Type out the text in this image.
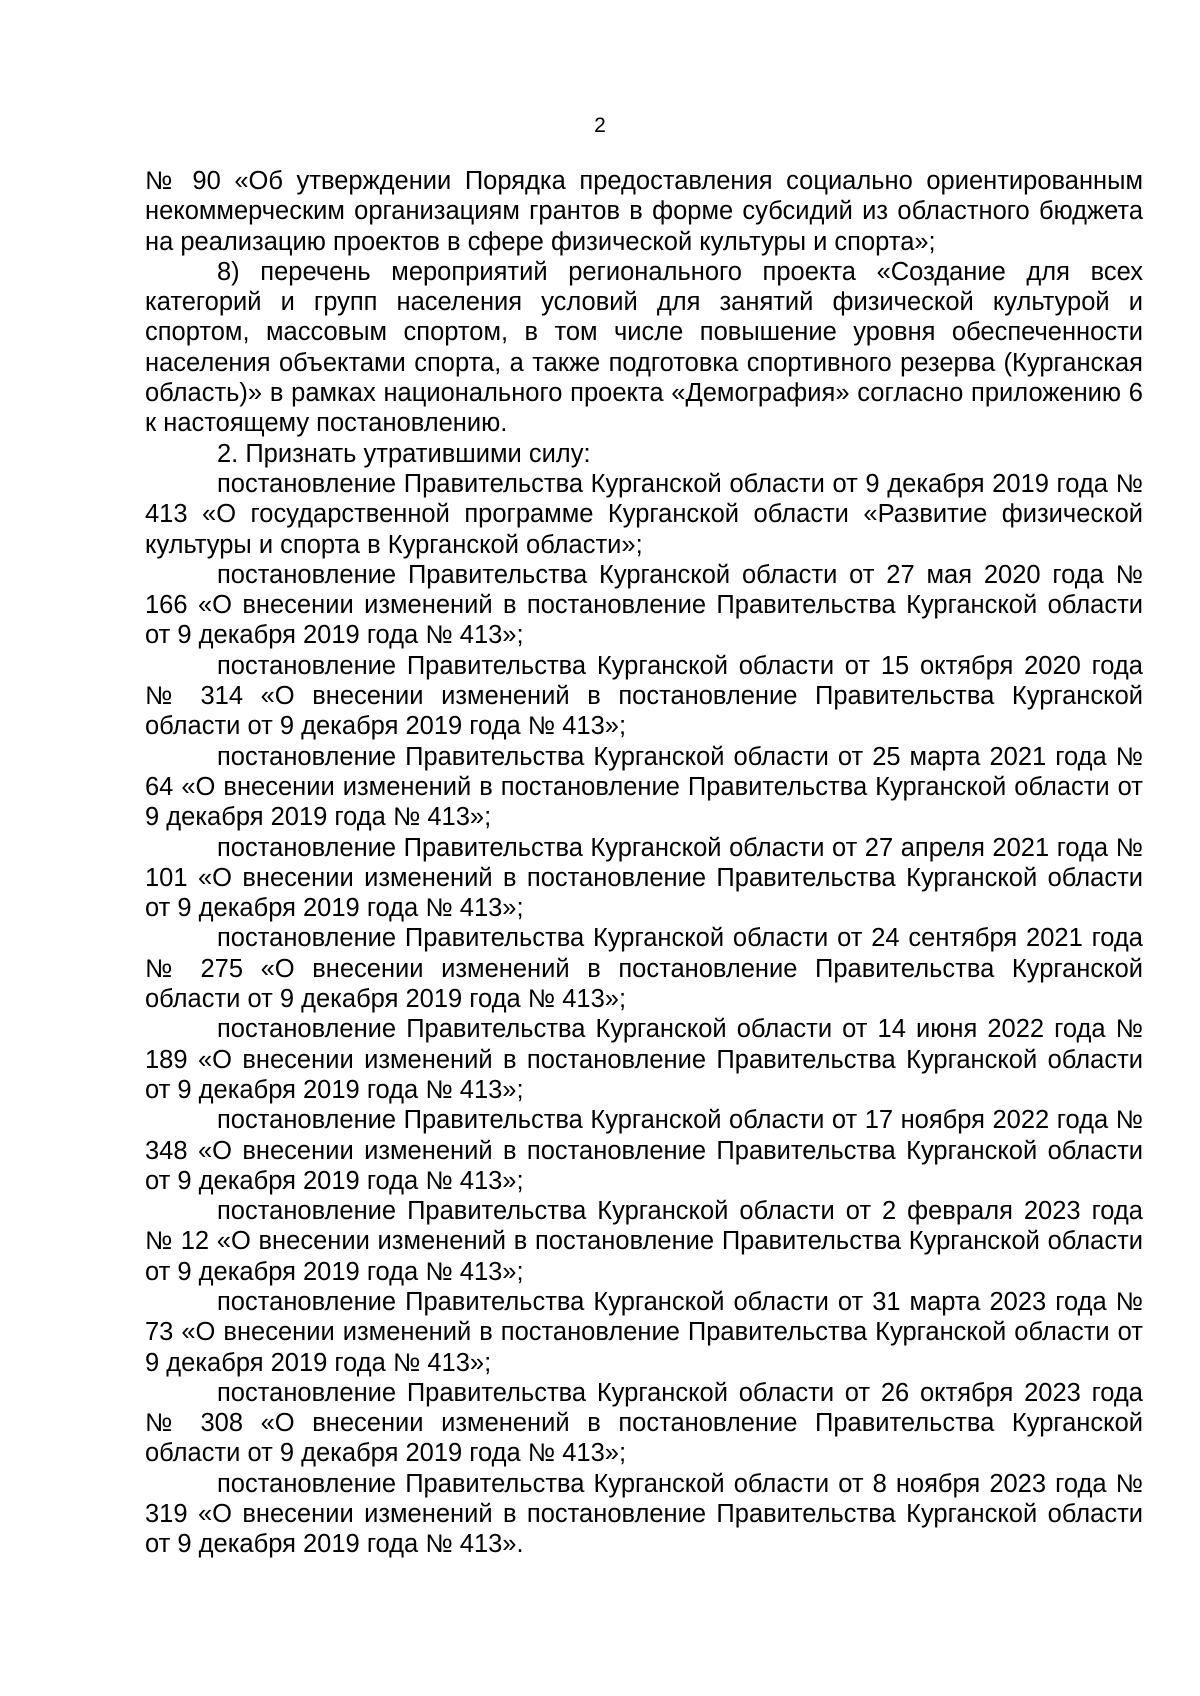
2

№ 90 «Об утверждении Порядка предоставления социально ориентированным некоммерческим организациям грантов в форме субсидий из областного бюджета на реализацию проектов в сфере физической культуры и спорта»;

8) перечень мероприятий регионального проекта «Создание для всех категорий и групп населения условий для занятий физической культурой и спортом, массовым спортом, в том числе повышение уровня обеспеченности населения объектами спорта, а также подготовка спортивного резерва (Курганская область)» в рамках национального проекта «Демография» согласно приложению 6 к настоящему постановлению.

2. Признать утратившими силу:

постановление Правительства Курганской области от 9 декабря 2019 года № 413 «О государственной программе Курганской области «Развитие физической культуры и спорта в Курганской области»;

постановление Правительства Курганской области от 27 мая 2020 года № 166 «О внесении изменений в постановление Правительства Курганской области от 9 декабря 2019 года № 413»;

постановление Правительства Курганской области от 15 октября 2020 года № 314 «О внесении изменений в постановление Правительства Курганской области от 9 декабря 2019 года № 413»;

постановление Правительства Курганской области от 25 марта 2021 года № 64 «О внесении изменений в постановление Правительства Курганской области от 9 декабря 2019 года № 413»;

постановление Правительства Курганской области от 27 апреля 2021 года № 101 «О внесении изменений в постановление Правительства Курганской области от 9 декабря 2019 года № 413»;

постановление Правительства Курганской области от 24 сентября 2021 года № 275 «О внесении изменений в постановление Правительства Курганской области от 9 декабря 2019 года № 413»;

постановление Правительства Курганской области от 14 июня 2022 года № 189 «О внесении изменений в постановление Правительства Курганской области от 9 декабря 2019 года № 413»;

постановление Правительства Курганской области от 17 ноября 2022 года № 348 «О внесении изменений в постановление Правительства Курганской области от 9 декабря 2019 года № 413»;

постановление Правительства Курганской области от 2 февраля 2023 года № 12 «О внесении изменений в постановление Правительства Курганской области от 9 декабря 2019 года № 413»;

постановление Правительства Курганской области от 31 марта 2023 года № 73 «О внесении изменений в постановление Правительства Курганской области от 9 декабря 2019 года № 413»;

постановление Правительства Курганской области от 26 октября 2023 года № 308 «О внесении изменений в постановление Правительства Курганской области от 9 декабря 2019 года № 413»;

постановление Правительства Курганской области от 8 ноября 2023 года № 319 «О внесении изменений в постановление Правительства Курганской области от 9 декабря 2019 года № 413».
